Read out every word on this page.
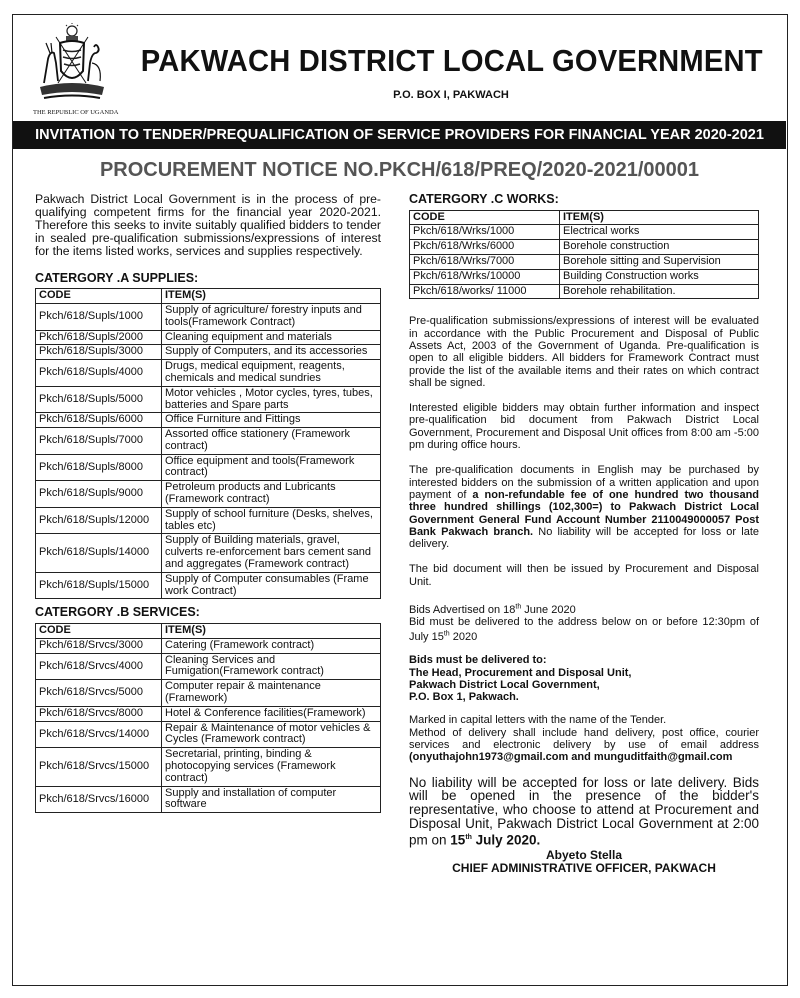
THE REPUBLIC OF UGANDA
PAKWACH DISTRICT LOCAL GOVERNMENT
P.O. BOX I, PAKWACH
INVITATION TO TENDER/PREQUALIFICATION OF SERVICE PROVIDERS FOR FINANCIAL YEAR 2020-2021
PROCUREMENT NOTICE NO.PKCH/618/PREQ/2020-2021/00001
Pakwach District Local Government is in the process of pre-qualifying competent firms for the financial year 2020-2021. Therefore this seeks to invite suitably qualified bidders to tender in sealed pre-qualification submissions/expressions of interest for the items listed works, services and supplies respectively.
CATERGORY .A SUPPLIES:
CODE	ITEM(S)
Pkch/618/Supls/1000	Supply of agriculture/ forestry inputs and tools(Framework Contract)
Pkch/618/Supls/2000	Cleaning equipment and materials
Pkch/618/Supls/3000	Supply of Computers, and its accessories
Pkch/618/Supls/4000	Drugs, medical equipment, reagents, chemicals and medical sundries
Pkch/618/Supls/5000	Motor vehicles , Motor cycles, tyres, tubes, batteries and Spare parts
Pkch/618/Supls/6000	Office Furniture and Fittings
Pkch/618/Supls/7000	Assorted office stationery (Framework contract)
Pkch/618/Supls/8000	Office equipment and tools(Framework contract)
Pkch/618/Supls/9000	Petroleum products and Lubricants (Framework contract)
Pkch/618/Supls/12000	Supply of school furniture (Desks, shelves, tables etc)
Pkch/618/Supls/14000	Supply of Building materials, gravel, culverts re-enforcement bars cement sand and aggregates (Framework contract)
Pkch/618/Supls/15000	Supply of Computer consumables (Frame work Contract)
CATERGORY .B SERVICES:
CODE	ITEM(S)
Pkch/618/Srvcs/3000	Catering (Framework contract)
Pkch/618/Srvcs/4000	Cleaning Services and Fumigation(Framework contract)
Pkch/618/Srvcs/5000	Computer repair & maintenance (Framework)
Pkch/618/Srvcs/8000	Hotel & Conference facilities(Framework)
Pkch/618/Srvcs/14000	Repair & Maintenance of motor vehicles & Cycles (Framework contract)
Pkch/618/Srvcs/15000	Secretarial, printing, binding & photocopying services (Framework contract)
Pkch/618/Srvcs/16000	Supply and installation of computer software
CATERGORY .C WORKS:
CODE	ITEM(S)
Pkch/618/Wrks/1000	Electrical works
Pkch/618/Wrks/6000	Borehole construction
Pkch/618/Wrks/7000	Borehole sitting and Supervision
Pkch/618/Wrks/10000	Building Construction works
Pkch/618/works/ 11000	Borehole rehabilitation.

Pre-qualification submissions/expressions of interest will be evaluated in accordance with the Public Procurement and Disposal of Public Assets Act, 2003 of the Government of Uganda. Pre-qualification is open to all eligible bidders. All bidders for Framework Contract must provide the list of the available items and their rates on which contract shall be signed.

Interested eligible bidders may obtain further information and inspect pre-qualification bid document from Pakwach District Local Government, Procurement and Disposal Unit offices from 8:00 am -5:00 pm during office hours.

The pre-qualification documents in English may be purchased by interested bidders on the submission of a written application and upon payment of a non-refundable fee of one hundred two thousand three hundred shillings (102,300=) to Pakwach District Local Government General Fund Account Number 2110049000057 Post Bank Pakwach branch. No liability will be accepted for loss or late delivery.

The bid document will then be issued by Procurement and Disposal Unit.

Bids Advertised on 18th June 2020
Bid must be delivered to the address below on or before 12:30pm of July 15th 2020

Bids must be delivered to:
The Head, Procurement and Disposal Unit,
Pakwach District Local Government,
P.O. Box 1, Pakwach.

Marked in capital letters with the name of the Tender.
Method of delivery shall include hand delivery, post office, courier services and electronic delivery by use of email address (onyuthajohn1973@gmail.com and munguditfaith@gmail.com

No liability will be accepted for loss or late delivery. Bids will be opened in the presence of the bidder's representative, who choose to attend at Procurement and Disposal Unit, Pakwach District Local Government at 2:00 pm on 15th July 2020.

Abyeto Stella
CHIEF ADMINISTRATIVE OFFICER, PAKWACH
